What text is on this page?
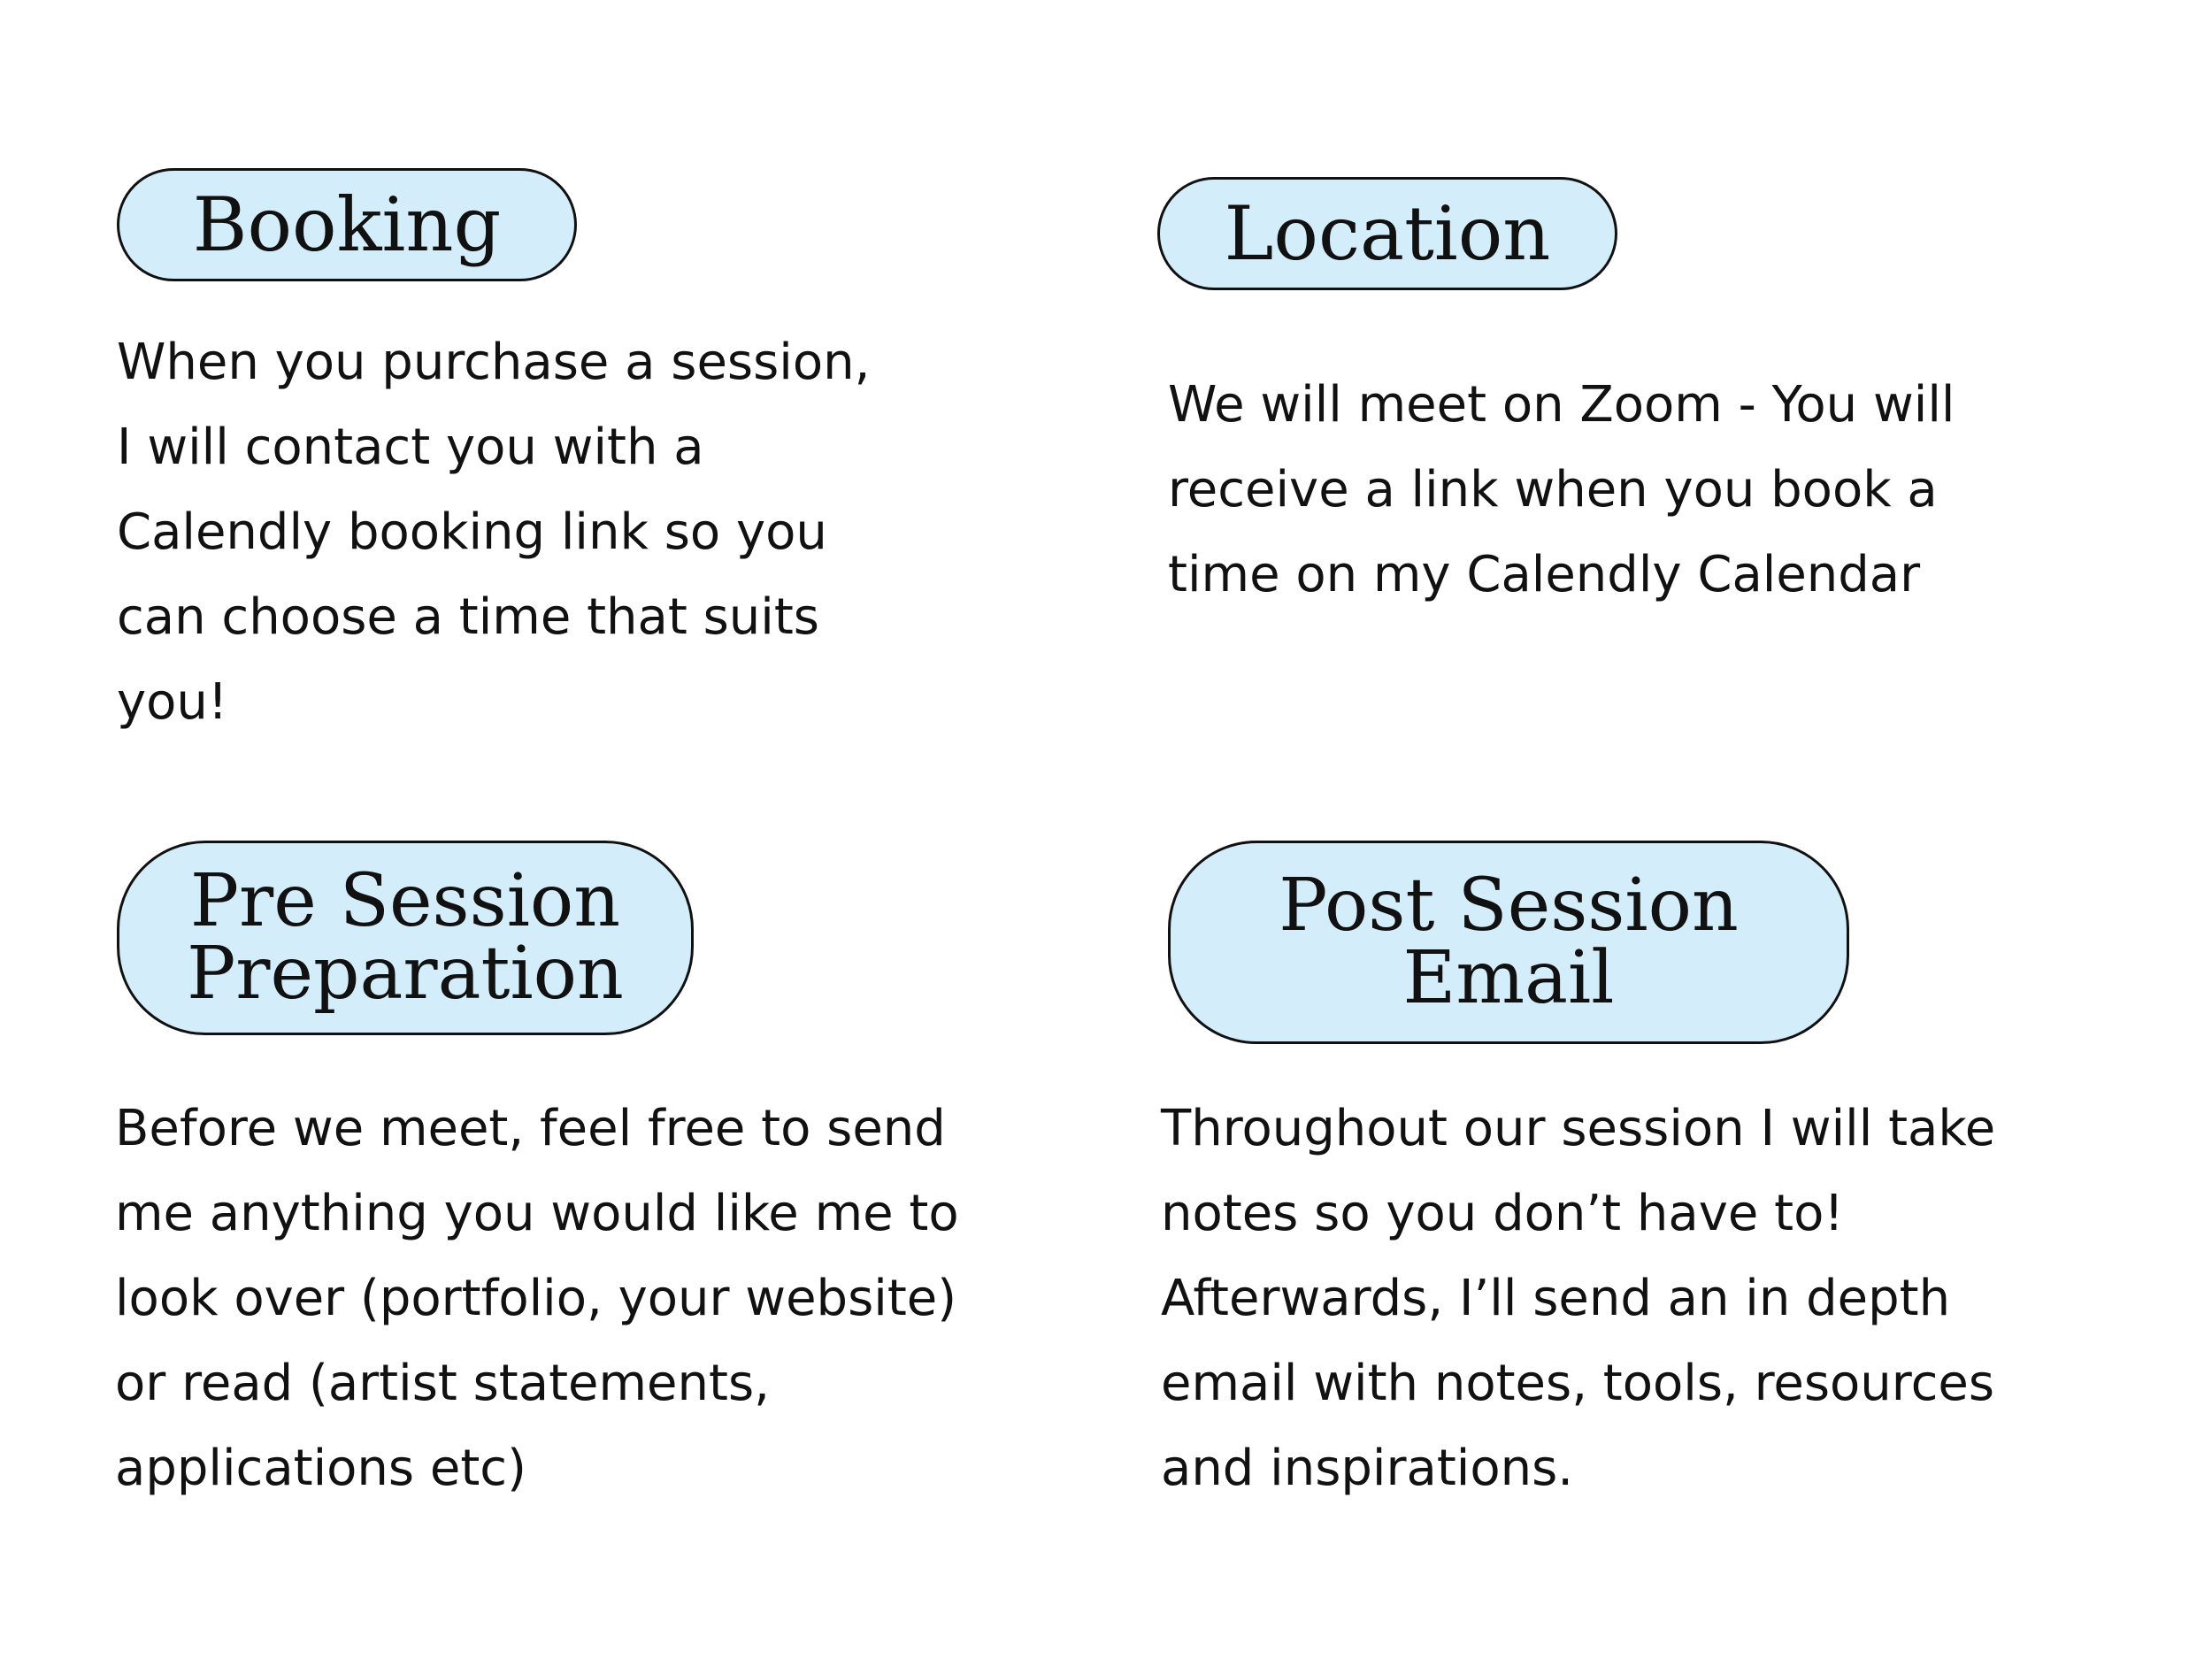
Booking

When you purchase a session,
I will contact you with a
Calendly booking link so you
can choose a time that suits
you!

Location

We will meet on Zoom - You will
receive a link when you book a
time on my Calendly Calendar

Pre Session
Preparation

Before we meet, feel free to send
me anything you would like me to
look over (portfolio, your website)
or read (artist statements,
applications etc)

Post Session
Email

Throughout our session I will take
notes so you don’t have to!
Afterwards, I’ll send an in depth
email with notes, tools, resources
and inspirations.
